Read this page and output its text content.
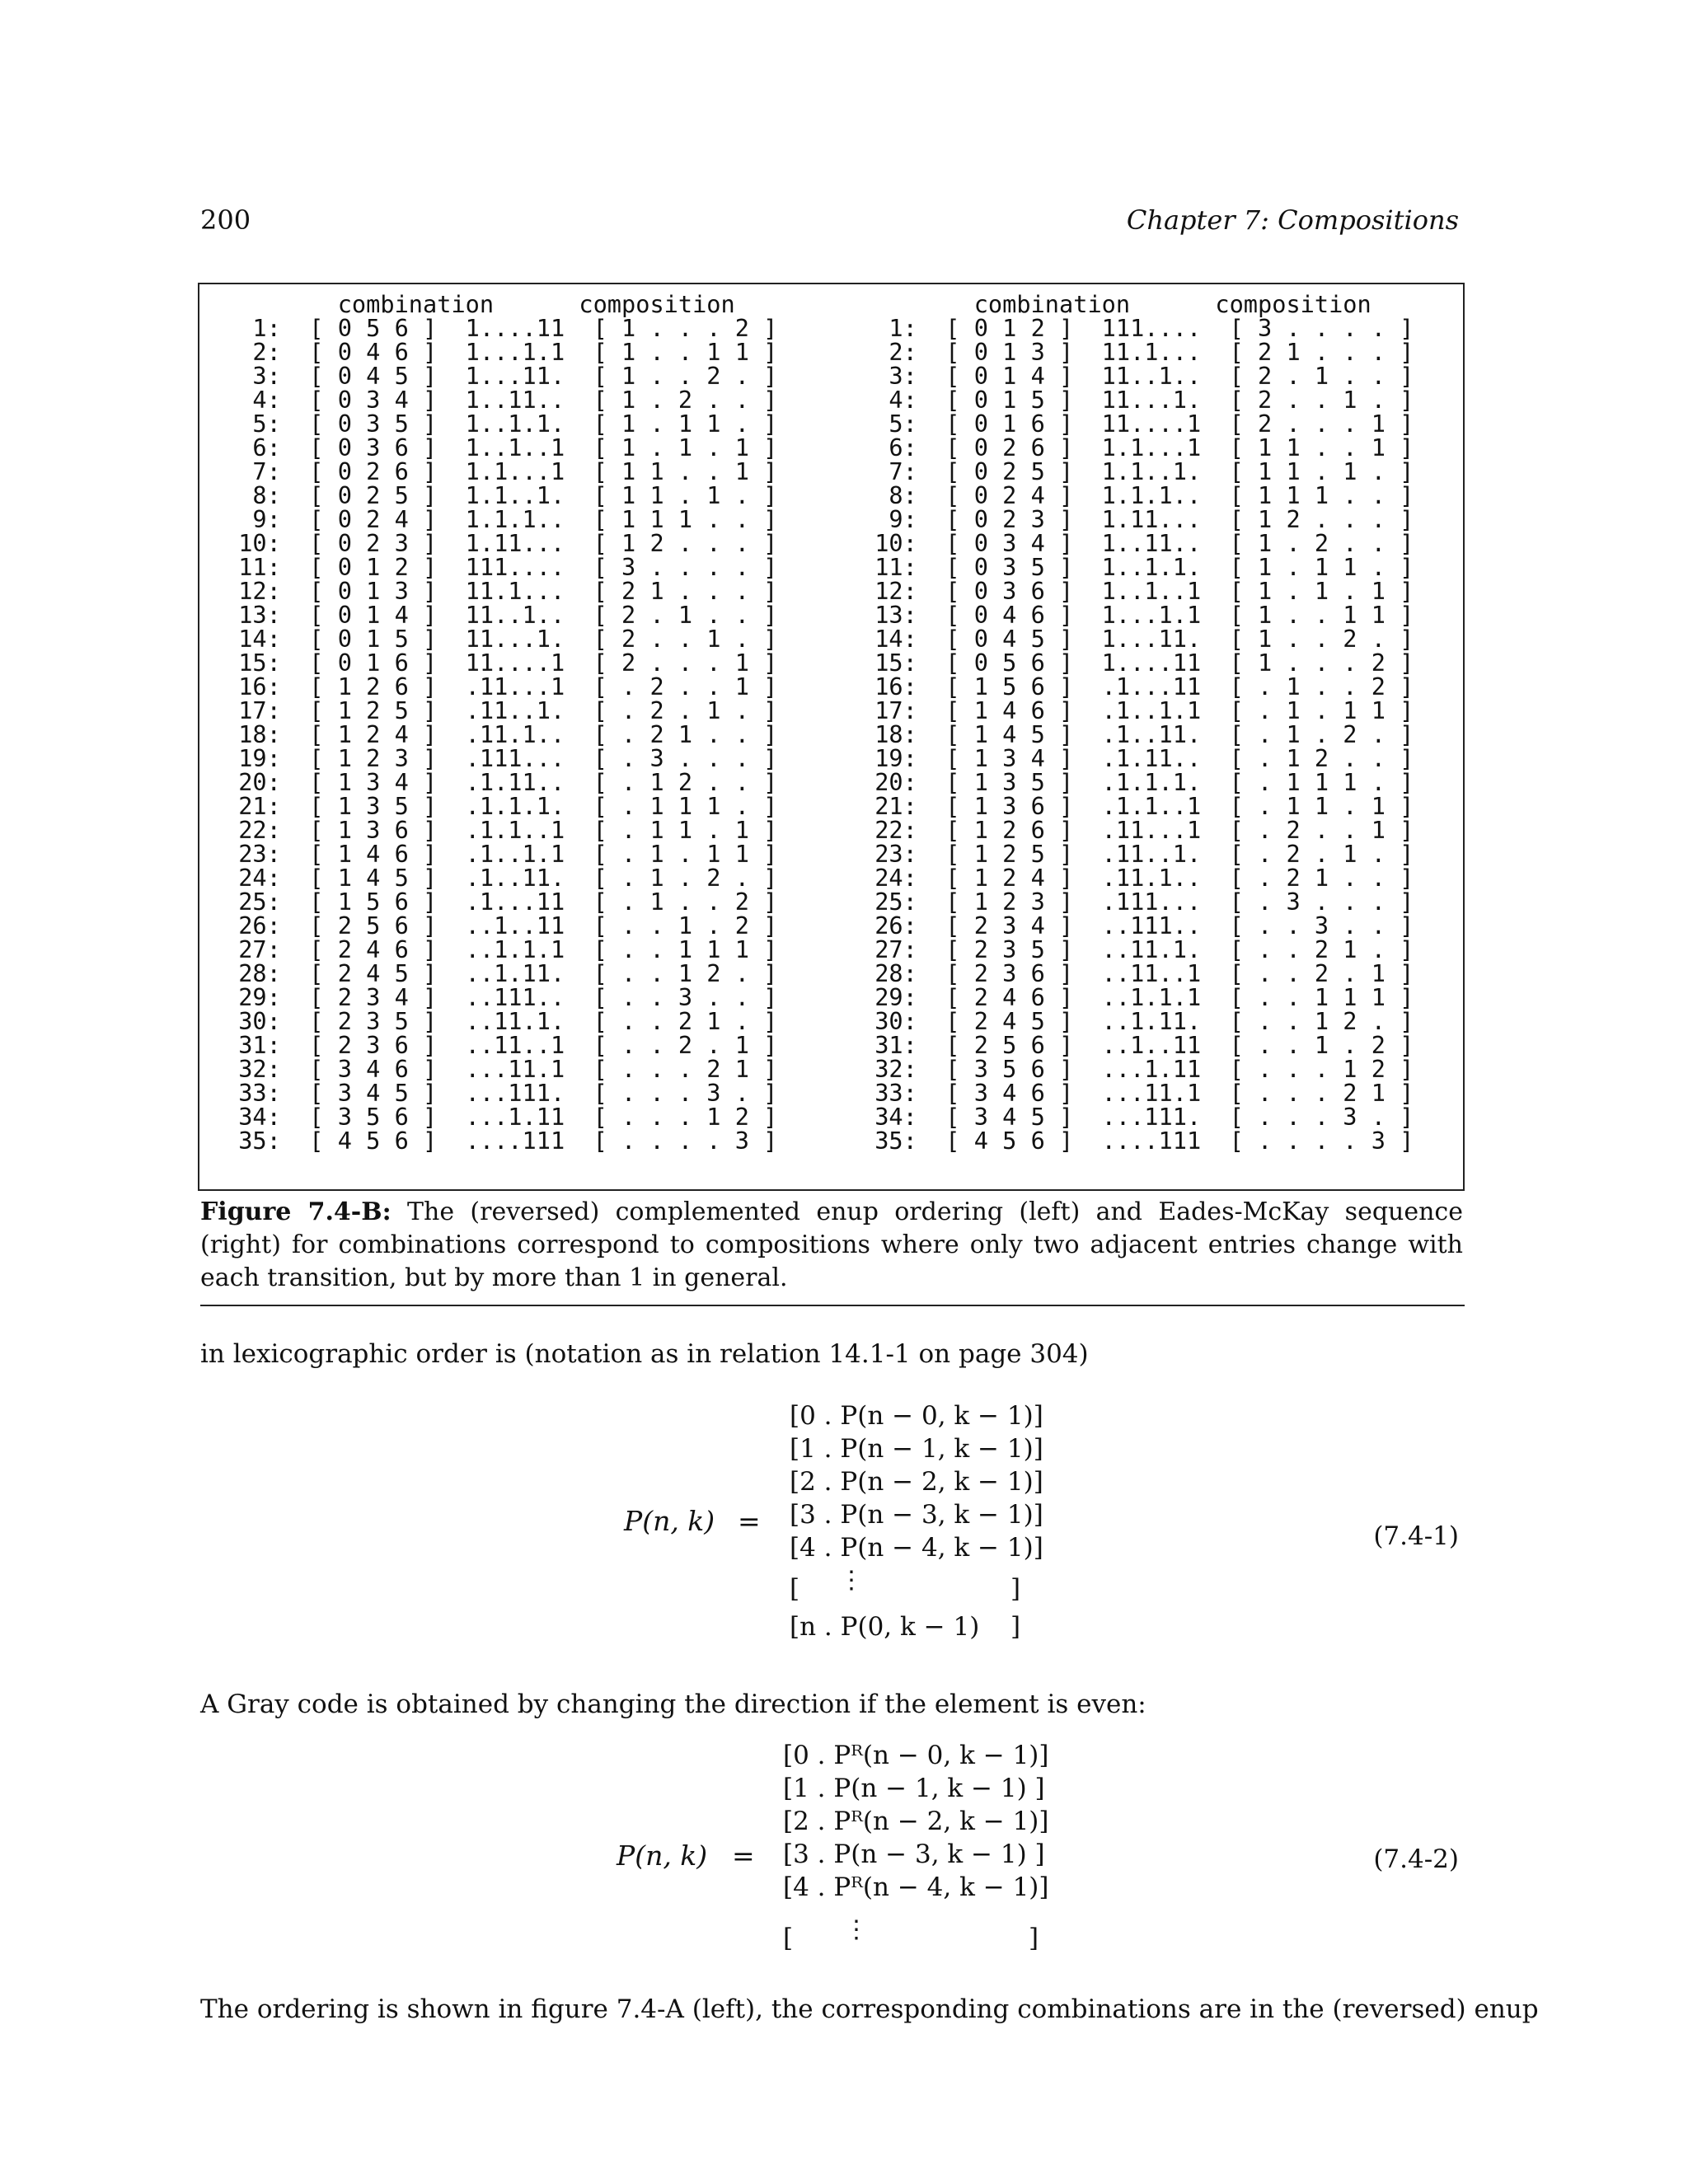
200	Chapter 7: Compositions
combination      composition
1:  [ 0 5 6 ]  1....11  [ 1 . . . 2 ]
2:  [ 0 4 6 ]  1...1.1  [ 1 . . 1 1 ]
3:  [ 0 4 5 ]  1...11.  [ 1 . . 2 . ]
4:  [ 0 3 4 ]  1..11..  [ 1 . 2 . . ]
5:  [ 0 3 5 ]  1..1.1.  [ 1 . 1 1 . ]
6:  [ 0 3 6 ]  1..1..1  [ 1 . 1 . 1 ]
7:  [ 0 2 6 ]  1.1...1  [ 1 1 . . 1 ]
8:  [ 0 2 5 ]  1.1..1.  [ 1 1 . 1 . ]
9:  [ 0 2 4 ]  1.1.1..  [ 1 1 1 . . ]
10:  [ 0 2 3 ]  1.11...  [ 1 2 . . . ]
11:  [ 0 1 2 ]  111....  [ 3 . . . . ]
12:  [ 0 1 3 ]  11.1...  [ 2 1 . . . ]
13:  [ 0 1 4 ]  11..1..  [ 2 . 1 . . ]
14:  [ 0 1 5 ]  11...1.  [ 2 . . 1 . ]
15:  [ 0 1 6 ]  11....1  [ 2 . . . 1 ]
16:  [ 1 2 6 ]  .11...1  [ . 2 . . 1 ]
17:  [ 1 2 5 ]  .11..1.  [ . 2 . 1 . ]
18:  [ 1 2 4 ]  .11.1..  [ . 2 1 . . ]
19:  [ 1 2 3 ]  .111...  [ . 3 . . . ]
20:  [ 1 3 4 ]  .1.11..  [ . 1 2 . . ]
21:  [ 1 3 5 ]  .1.1.1.  [ . 1 1 1 . ]
22:  [ 1 3 6 ]  .1.1..1  [ . 1 1 . 1 ]
23:  [ 1 4 6 ]  .1..1.1  [ . 1 . 1 1 ]
24:  [ 1 4 5 ]  .1..11.  [ . 1 . 2 . ]
25:  [ 1 5 6 ]  .1...11  [ . 1 . . 2 ]
26:  [ 2 5 6 ]  ..1..11  [ . . 1 . 2 ]
27:  [ 2 4 6 ]  ..1.1.1  [ . . 1 1 1 ]
28:  [ 2 4 5 ]  ..1.11.  [ . . 1 2 . ]
29:  [ 2 3 4 ]  ..111..  [ . . 3 . . ]
30:  [ 2 3 5 ]  ..11.1.  [ . . 2 1 . ]
31:  [ 2 3 6 ]  ..11..1  [ . . 2 . 1 ]
32:  [ 3 4 6 ]  ...11.1  [ . . . 2 1 ]
33:  [ 3 4 5 ]  ...111.  [ . . . 3 . ]
34:  [ 3 5 6 ]  ...1.11  [ . . . 1 2 ]
35:  [ 4 5 6 ]  ....111  [ . . . . 3 ]
combination      composition
1:  [ 0 1 2 ]  111....  [ 3 . . . . ]
2:  [ 0 1 3 ]  11.1...  [ 2 1 . . . ]
3:  [ 0 1 4 ]  11..1..  [ 2 . 1 . . ]
4:  [ 0 1 5 ]  11...1.  [ 2 . . 1 . ]
5:  [ 0 1 6 ]  11....1  [ 2 . . . 1 ]
6:  [ 0 2 6 ]  1.1...1  [ 1 1 . . 1 ]
7:  [ 0 2 5 ]  1.1..1.  [ 1 1 . 1 . ]
8:  [ 0 2 4 ]  1.1.1..  [ 1 1 1 . . ]
9:  [ 0 2 3 ]  1.11...  [ 1 2 . . . ]
10:  [ 0 3 4 ]  1..11..  [ 1 . 2 . . ]
11:  [ 0 3 5 ]  1..1.1.  [ 1 . 1 1 . ]
12:  [ 0 3 6 ]  1..1..1  [ 1 . 1 . 1 ]
13:  [ 0 4 6 ]  1...1.1  [ 1 . . 1 1 ]
14:  [ 0 4 5 ]  1...11.  [ 1 . . 2 . ]
15:  [ 0 5 6 ]  1....11  [ 1 . . . 2 ]
16:  [ 1 5 6 ]  .1...11  [ . 1 . . 2 ]
17:  [ 1 4 6 ]  .1..1.1  [ . 1 . 1 1 ]
18:  [ 1 4 5 ]  .1..11.  [ . 1 . 2 . ]
19:  [ 1 3 4 ]  .1.11..  [ . 1 2 . . ]
20:  [ 1 3 5 ]  .1.1.1.  [ . 1 1 1 . ]
21:  [ 1 3 6 ]  .1.1..1  [ . 1 1 . 1 ]
22:  [ 1 2 6 ]  .11...1  [ . 2 . . 1 ]
23:  [ 1 2 5 ]  .11..1.  [ . 2 . 1 . ]
24:  [ 1 2 4 ]  .11.1..  [ . 2 1 . . ]
25:  [ 1 2 3 ]  .111...  [ . 3 . . . ]
26:  [ 2 3 4 ]  ..111..  [ . . 3 . . ]
27:  [ 2 3 5 ]  ..11.1.  [ . . 2 1 . ]
28:  [ 2 3 6 ]  ..11..1  [ . . 2 . 1 ]
29:  [ 2 4 6 ]  ..1.1.1  [ . . 1 1 1 ]
30:  [ 2 4 5 ]  ..1.11.  [ . . 1 2 . ]
31:  [ 2 5 6 ]  ..1..11  [ . . 1 . 2 ]
32:  [ 3 5 6 ]  ...1.11  [ . . . 1 2 ]
33:  [ 3 4 6 ]  ...11.1  [ . . . 2 1 ]
34:  [ 3 4 5 ]  ...111.  [ . . . 3 . ]
35:  [ 4 5 6 ]  ....111  [ . . . . 3 ]
Figure 7.4-B: The (reversed) complemented enup ordering (left) and Eades-McKay sequence (right) for combinations correspond to compositions where only two adjacent entries change with each transition, but by more than 1 in general.
in lexicographic order is (notation as in relation 14.1-1 on page 304)
P(n, k) =
[0 . P(n − 0, k − 1)]
[1 . P(n − 1, k − 1)]
[2 . P(n − 2, k − 1)]
[3 . P(n − 3, k − 1)]
[4 . P(n − 4, k − 1)]
[ ⋮	]
[n . P(0, k − 1) ]
(7.4-1)
A Gray code is obtained by changing the direction if the element is even:
P(n, k) =
[0 . Pᴿ(n − 0, k − 1)]
[1 . P(n − 1, k − 1) ]
[2 . Pᴿ(n − 2, k − 1)]
[3 . P(n − 3, k − 1) ]
[4 . Pᴿ(n − 4, k − 1)]
[ ⋮	]
(7.4-2)
The ordering is shown in figure 7.4-A (left), the corresponding combinations are in the (reversed) enup
